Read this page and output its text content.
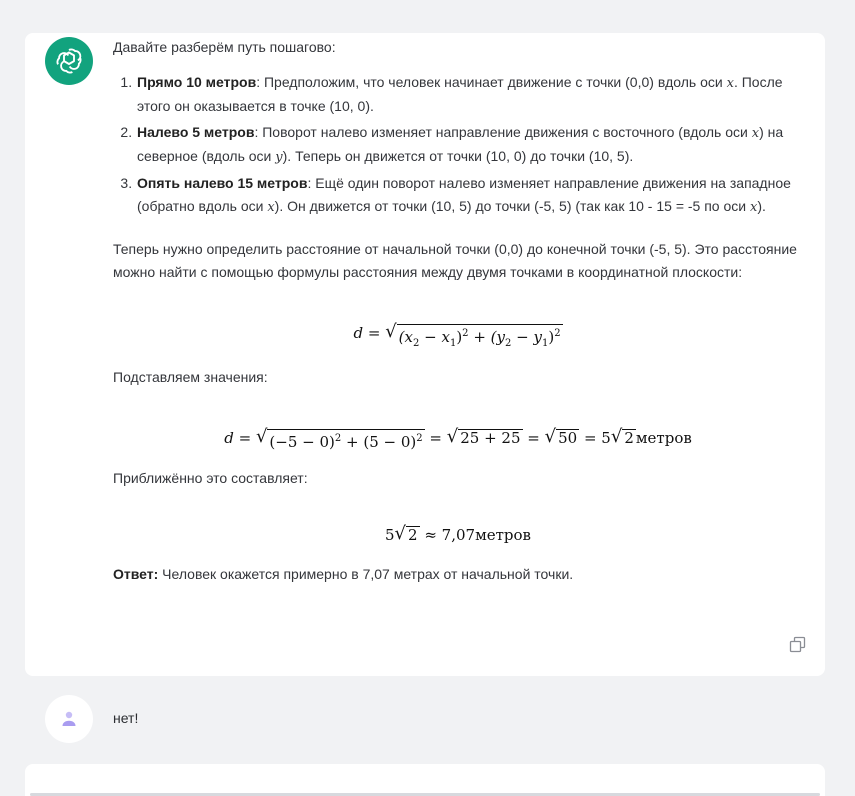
Давайте разберём путь пошагово:

1. Прямо 10 метров: Предположим, что человек начинает движение с точки (0,0) вдоль оси x. После этого он оказывается в точке (10, 0).
2. Налево 5 метров: Поворот налево изменяет направление движения с восточного (вдоль оси x) на северное (вдоль оси y). Теперь он движется от точки (10, 0) до точки (10, 5).
3. Опять налево 15 метров: Ещё один поворот налево изменяет направление движения на западное (обратно вдоль оси x). Он движется от точки (10, 5) до точки (-5, 5) (так как 10 - 15 = -5 по оси x).

Теперь нужно определить расстояние от начальной точки (0,0) до конечной точки (-5, 5). Это расстояние можно найти с помощью формулы расстояния между двумя точками в координатной плоскости:

d = √ $(x_2 - x_1)^2 + (y_2 - y_1)^2$

Подставляем значения:

d = √ $(-5 - 0)^2 + (5 - 0)^2$ = √ 25 + 25 = √ 50 = 5 √ 2 метров

Приближённо это составляет:

5 √ 2 ≈ 7,07метров

Ответ: Человек окажется примерно в 7,07 метрах от начальной точки.

нет!
